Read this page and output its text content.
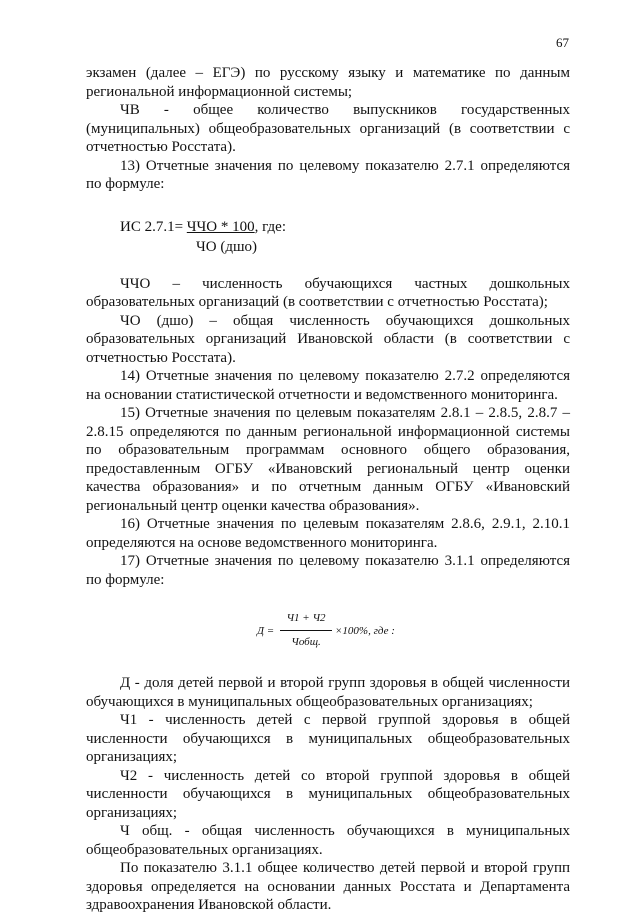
67

экзамен (далее – ЕГЭ) по русскому языку и математике по данным региональной информационной системы;

ЧВ - общее количество выпускников государственных (муниципальных) общеобразовательных организаций (в соответствии с отчетностью Росстата).

13) Отчетные значения по целевому показателю 2.7.1 определяются по формуле:

ИС 2.7.1= ЧЧО * 100, где:
ЧО (дшо)

ЧЧО – численность обучающихся частных дошкольных образовательных организаций (в соответствии с отчетностью Росстата);

ЧО (дшо) – общая численность обучающихся дошкольных образовательных организаций Ивановской области (в соответствии с отчетностью Росстата).

14) Отчетные значения по целевому показателю 2.7.2 определяются на основании статистической отчетности и ведомственного мониторинга.

15) Отчетные значения по целевым показателям 2.8.1 – 2.8.5, 2.8.7 – 2.8.15 определяются по данным региональной информационной системы по образовательным программам основного общего образования, предоставленным ОГБУ «Ивановский региональный центр оценки качества образования» и по отчетным данным ОГБУ «Ивановский региональный центр оценки качества образования».

16) Отчетные значения по целевым показателям 2.8.6, 2.9.1, 2.10.1 определяются на основе ведомственного мониторинга.

17) Отчетные значения по целевому показателю 3.1.1 определяются по формуле:

Д =
Ч1 + Ч2
Чобщ.
×100%, где :

Д - доля детей первой и второй групп здоровья в общей численности обучающихся в муниципальных общеобразовательных организациях;

Ч1 - численность детей с первой группой здоровья в общей численности обучающихся в муниципальных общеобразовательных организациях;

Ч2 - численность детей со второй группой здоровья в общей численности обучающихся в муниципальных общеобразовательных организациях;

Ч общ. - общая численность обучающихся в муниципальных общеобразовательных организациях.

По показателю 3.1.1 общее количество детей первой и второй групп здоровья определяется на основании данных Росстата и Департамента здравоохранения Ивановской области.
